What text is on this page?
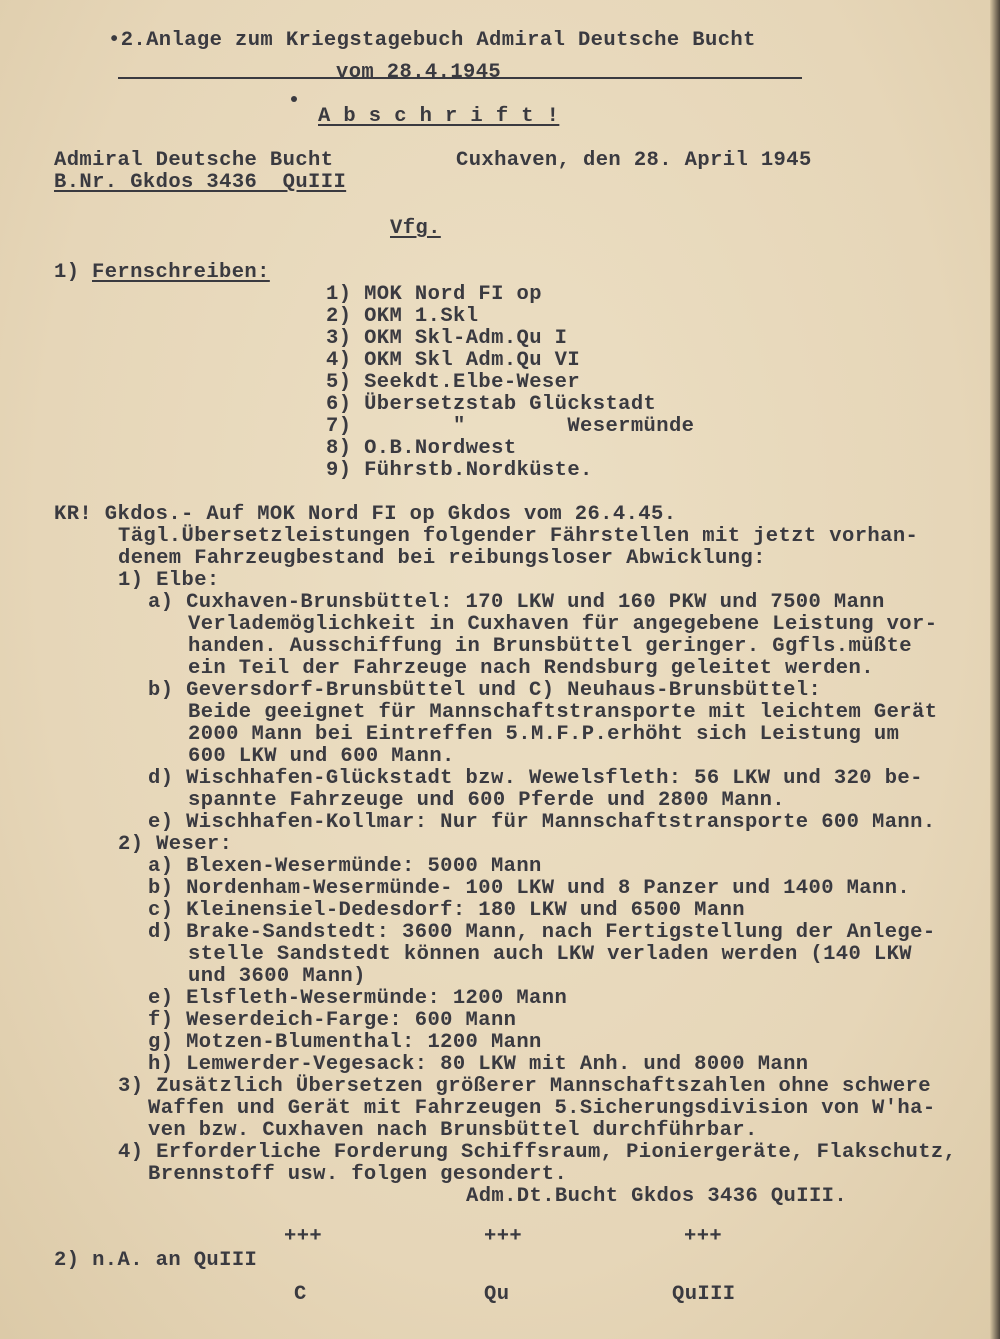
•2.Anlage zum Kriegstagebuch Admiral Deutsche Bucht
vom 28.4.1945
A b s c h r i f t !
Admiral Deutsche Bucht	Cuxhaven, den 28. April 1945
B.Nr. Gkdos 3436  QuIII
Vfg.
1) Fernschreiben:
1) MOK Nord FI op
2) OKM 1.Skl
3) OKM Skl-Adm.Qu I
4) OKM Skl Adm.Qu VI
5) Seekdt.Elbe-Weser
6) Übersetzstab Glückstadt
7)        "        Wesermünde
8) O.B.Nordwest
9) Führstb.Nordküste.
KR! Gkdos.- Auf MOK Nord FI op Gkdos vom 26.4.45.
Tägl.Übersetzleistungen folgender Fährstellen mit jetzt vorhan-
denem Fahrzeugbestand bei reibungsloser Abwicklung:
1) Elbe:
a) Cuxhaven-Brunsbüttel: 170 LKW und 160 PKW und 7500 Mann
Verlademöglichkeit in Cuxhaven für angegebene Leistung vor-
handen. Ausschiffung in Brunsbüttel geringer. Ggfls.müßte
ein Teil der Fahrzeuge nach Rendsburg geleitet werden.
b) Geversdorf-Brunsbüttel und C) Neuhaus-Brunsbüttel:
Beide geeignet für Mannschaftstransporte mit leichtem Gerät
2000 Mann bei Eintreffen 5.M.F.P.erhöht sich Leistung um
600 LKW und 600 Mann.
d) Wischhafen-Glückstadt bzw. Wewelsfleth: 56 LKW und 320 be-
spannte Fahrzeuge und 600 Pferde und 2800 Mann.
e) Wischhafen-Kollmar: Nur für Mannschaftstransporte 600 Mann.
2) Weser:
a) Blexen-Wesermünde: 5000 Mann
b) Nordenham-Wesermünde- 100 LKW und 8 Panzer und 1400 Mann.
c) Kleinensiel-Dedesdorf: 180 LKW und 6500 Mann
d) Brake-Sandstedt: 3600 Mann, nach Fertigstellung der Anlege-
stelle Sandstedt können auch LKW verladen werden (140 LKW
und 3600 Mann)
e) Elsfleth-Wesermünde: 1200 Mann
f) Weserdeich-Farge: 600 Mann
g) Motzen-Blumenthal: 1200 Mann
h) Lemwerder-Vegesack: 80 LKW mit Anh. und 8000 Mann
3) Zusätzlich Übersetzen größerer Mannschaftszahlen ohne schwere
Waffen und Gerät mit Fahrzeugen 5.Sicherungsdivision von W'ha-
ven bzw. Cuxhaven nach Brunsbüttel durchführbar.
4) Erforderliche Forderung Schiffsraum, Pioniergeräte, Flakschutz,
Brennstoff usw. folgen gesondert.
Adm.Dt.Bucht Gkdos 3436 QuIII.
+++	+++	+++
2) n.A. an QuIII
C	Qu	QuIII
